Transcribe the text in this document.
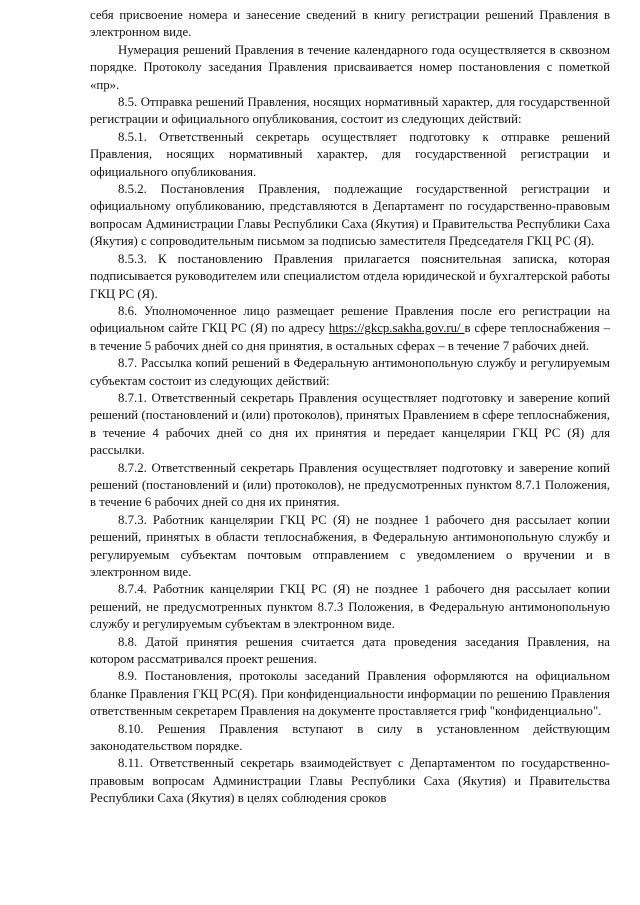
себя присвоение номера и занесение сведений в книгу регистрации решений Правления в электронном виде.

Нумерация решений Правления в течение календарного года осуществляется в сквозном порядке. Протоколу заседания Правления присваивается номер постановления с пометкой «пр».

8.5. Отправка решений Правления, носящих нормативный характер, для государственной регистрации и официального опубликования, состоит из следующих действий:

8.5.1. Ответственный секретарь осуществляет подготовку к отправке решений Правления, носящих нормативный характер, для государственной регистрации и официального опубликования.

8.5.2. Постановления Правления, подлежащие государственной регистрации и официальному опубликованию, представляются в Департамент по государственно-правовым вопросам Администрации Главы Республики Саха (Якутия) и Правительства Республики Саха (Якутия) с сопроводительным письмом за подписью заместителя Председателя ГКЦ РС (Я).

8.5.3. К постановлению Правления прилагается пояснительная записка, которая подписывается руководителем или специалистом отдела юридической и бухгалтерской работы ГКЦ РС (Я).

8.6. Уполномоченное лицо размещает решение Правления после его регистрации на официальном сайте ГКЦ РС (Я) по адресу https://gkcp.sakha.gov.ru/ в сфере теплоснабжения – в течение 5 рабочих дней со дня принятия, в остальных сферах – в течение 7 рабочих дней.

8.7. Рассылка копий решений в Федеральную антимонопольную службу и регулируемым субъектам состоит из следующих действий:

8.7.1. Ответственный секретарь Правления осуществляет подготовку и заверение копий решений (постановлений и (или) протоколов), принятых Правлением в сфере теплоснабжения, в течение 4 рабочих дней со дня их принятия и передает канцелярии ГКЦ РС (Я) для рассылки.

8.7.2. Ответственный секретарь Правления осуществляет подготовку и заверение копий решений (постановлений и (или) протоколов), не предусмотренных пунктом 8.7.1 Положения, в течение 6 рабочих дней со дня их принятия.

8.7.3. Работник канцелярии ГКЦ РС (Я) не позднее 1 рабочего дня рассылает копии решений, принятых в области теплоснабжения, в Федеральную антимонопольную службу и регулируемым субъектам почтовым отправлением с уведомлением о вручении и в электронном виде.

8.7.4. Работник канцелярии ГКЦ РС (Я) не позднее 1 рабочего дня рассылает копии решений, не предусмотренных пунктом 8.7.3 Положения, в Федеральную антимонопольную службу и регулируемым субъектам в электронном виде.

8.8. Датой принятия решения считается дата проведения заседания Правления, на котором рассматривался проект решения.

8.9. Постановления, протоколы заседаний Правления оформляются на официальном бланке Правления ГКЦ РС(Я). При конфиденциальности информации по решению Правления ответственным секретарем Правления на документе проставляется гриф "конфиденциально".

8.10. Решения Правления вступают в силу в установленном действующим законодательством порядке.

8.11. Ответственный секретарь взаимодействует с Департаментом по государственно-правовым вопросам Администрации Главы Республики Саха (Якутия) и Правительства Республики Саха (Якутия) в целях соблюдения сроков
